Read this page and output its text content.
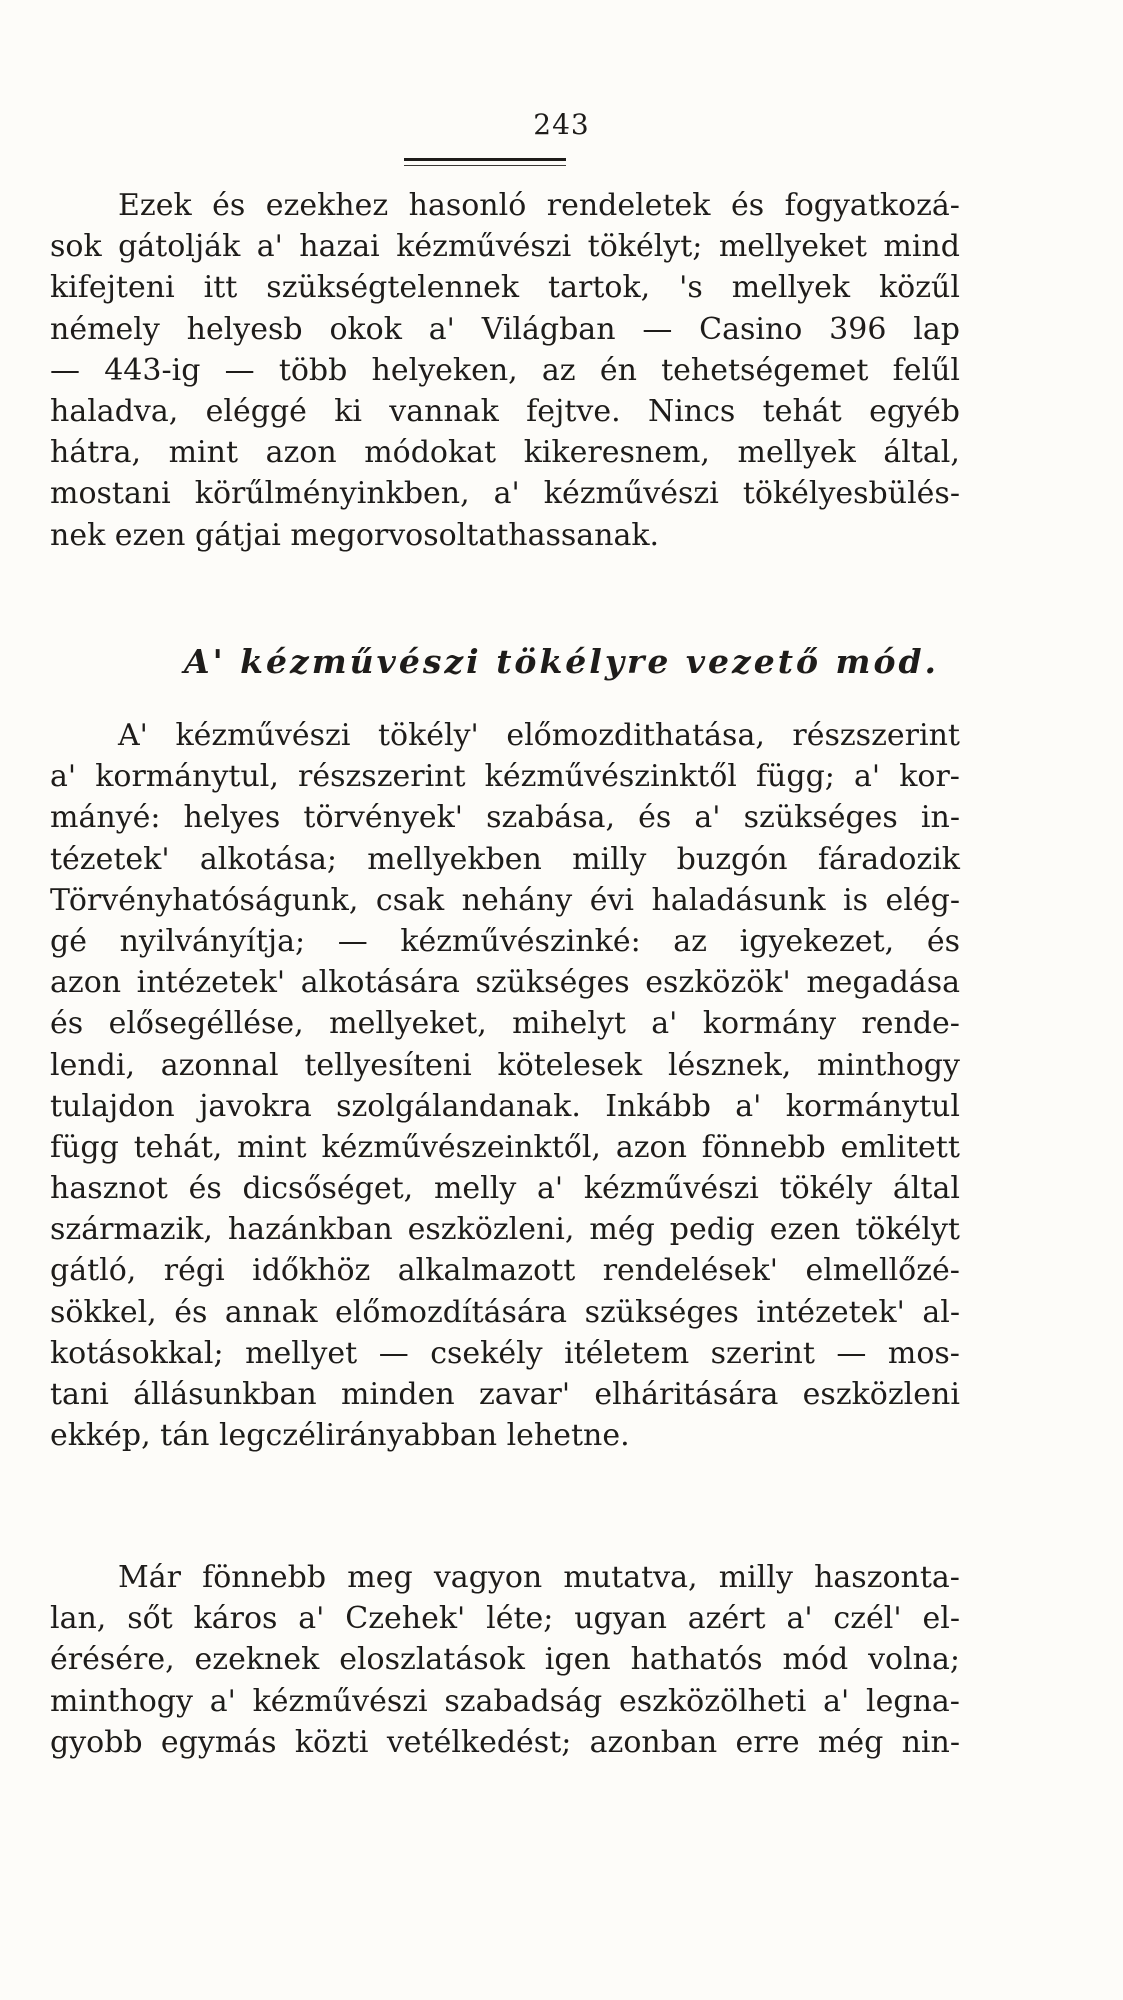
243
Ezek és ezekhez hasonló rendeletek és fogyatkozá-
sok gátolják a' hazai kézművészi tökélyt; mellyeket mind
kifejteni itt szükségtelennek tartok, 's mellyek közűl
némely helyesb okok a' Világban — Casino 396 lap
— 443-ig — több helyeken, az én tehetségemet felűl
haladva, eléggé ki vannak fejtve. Nincs tehát egyéb
hátra, mint azon módokat kikeresnem, mellyek által,
mostani körűlményinkben, a' kézművészi tökélyesbülés-
nek ezen gátjai megorvosoltathassanak.
A' kézművészi tökélyre vezető mód.
A' kézművészi tökély' előmozdithatása, részszerint
a' kormánytul, részszerint kézművészinktől függ; a' kor-
mányé: helyes törvények' szabása, és a' szükséges in-
tézetek' alkotása; mellyekben milly buzgón fáradozik
Törvényhatóságunk, csak nehány évi haladásunk is elég-
gé nyilványítja; — kézművészinké: az igyekezet, és
azon intézetek' alkotására szükséges eszközök' megadása
és elősegéllése, mellyeket, mihelyt a' kormány rende-
lendi, azonnal tellyesíteni kötelesek lésznek, minthogy
tulajdon javokra szolgálandanak. Inkább a' kormánytul
függ tehát, mint kézművészeinktől, azon fönnebb emlitett
hasznot és dicsőséget, melly a' kézművészi tökély által
származik, hazánkban eszközleni, még pedig ezen tökélyt
gátló, régi időkhöz alkalmazott rendelések' elmellőzé-
sökkel, és annak előmozdítására szükséges intézetek' al-
kotásokkal; mellyet — csekély itéletem szerint — mos-
tani állásunkban minden zavar' elháritására eszközleni
ekkép, tán legczélirányabban lehetne.
Már fönnebb meg vagyon mutatva, milly haszonta-
lan, sőt káros a' Czehek' léte; ugyan azért a' czél' el-
érésére, ezeknek eloszlatások igen hathatós mód volna;
minthogy a' kézművészi szabadság eszközölheti a' legna-
gyobb egymás közti vetélkedést; azonban erre még nin-
